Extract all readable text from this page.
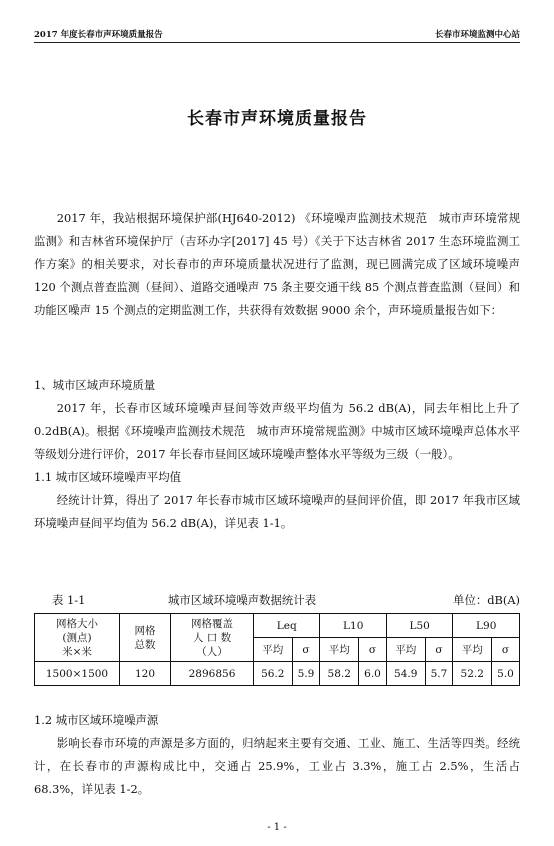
2017 年度长春市声环境质量报告	长春市环境监测中心站
长春市声环境质量报告

2017 年，我站根据环境保护部(HJ640-2012) 《环境噪声监测技术规范　城市声环境常规监测》和吉林省环境保护厅（吉环办字[2017] 45 号）《关于下达吉林省 2017 生态环境监测工作方案》的相关要求，对长春市的声环境质量状况进行了监测，现已圆满完成了区域环境噪声 120 个测点普查监测（昼间）、道路交通噪声 75 条主要交通干线 85 个测点普查监测（昼间）和功能区噪声 15 个测点的定期监测工作，共获得有效数据 9000 余个，声环境质量报告如下：

1、城市区域声环境质量

2017 年，长春市区域环境噪声昼间等效声级平均值为 56.2 dB(A)，同去年相比上升了 0.2dB(A)。根据《环境噪声监测技术规范　城市声环境常规监测》中城市区域环境噪声总体水平等级划分进行评价，2017 年长春市昼间区域环境噪声整体水平等级为三级（一般）。

1.1 城市区域环境噪声平均值

经统计计算，得出了 2017 年长春市城市区域环境噪声的昼间评价值，即 2017 年我市区域环境噪声昼间平均值为 56.2 dB(A)，详见表 1-1。

表 1-1	城市区域环境噪声数据统计表	单位：dB(A)
网格大小
(测点)
米×米	网格
总数	网格覆盖
人 口 数
（人）	Leq		L10		L50		L90	
			平均	σ	平均	σ	平均	σ	平均	σ
1500×1500	120	2896856	56.2	5.9	58.2	6.0	54.9	5.7	52.2	5.0

1.2 城市区域环境噪声源

影响长春市环境的声源是多方面的，归纳起来主要有交通、工业、施工、生活等四类。经统计，在长春市的声源构成比中，交通占 25.9%，工业占 3.3%，施工占 2.5%，生活占 68.3%，详见表 1-2。

- 1 -
